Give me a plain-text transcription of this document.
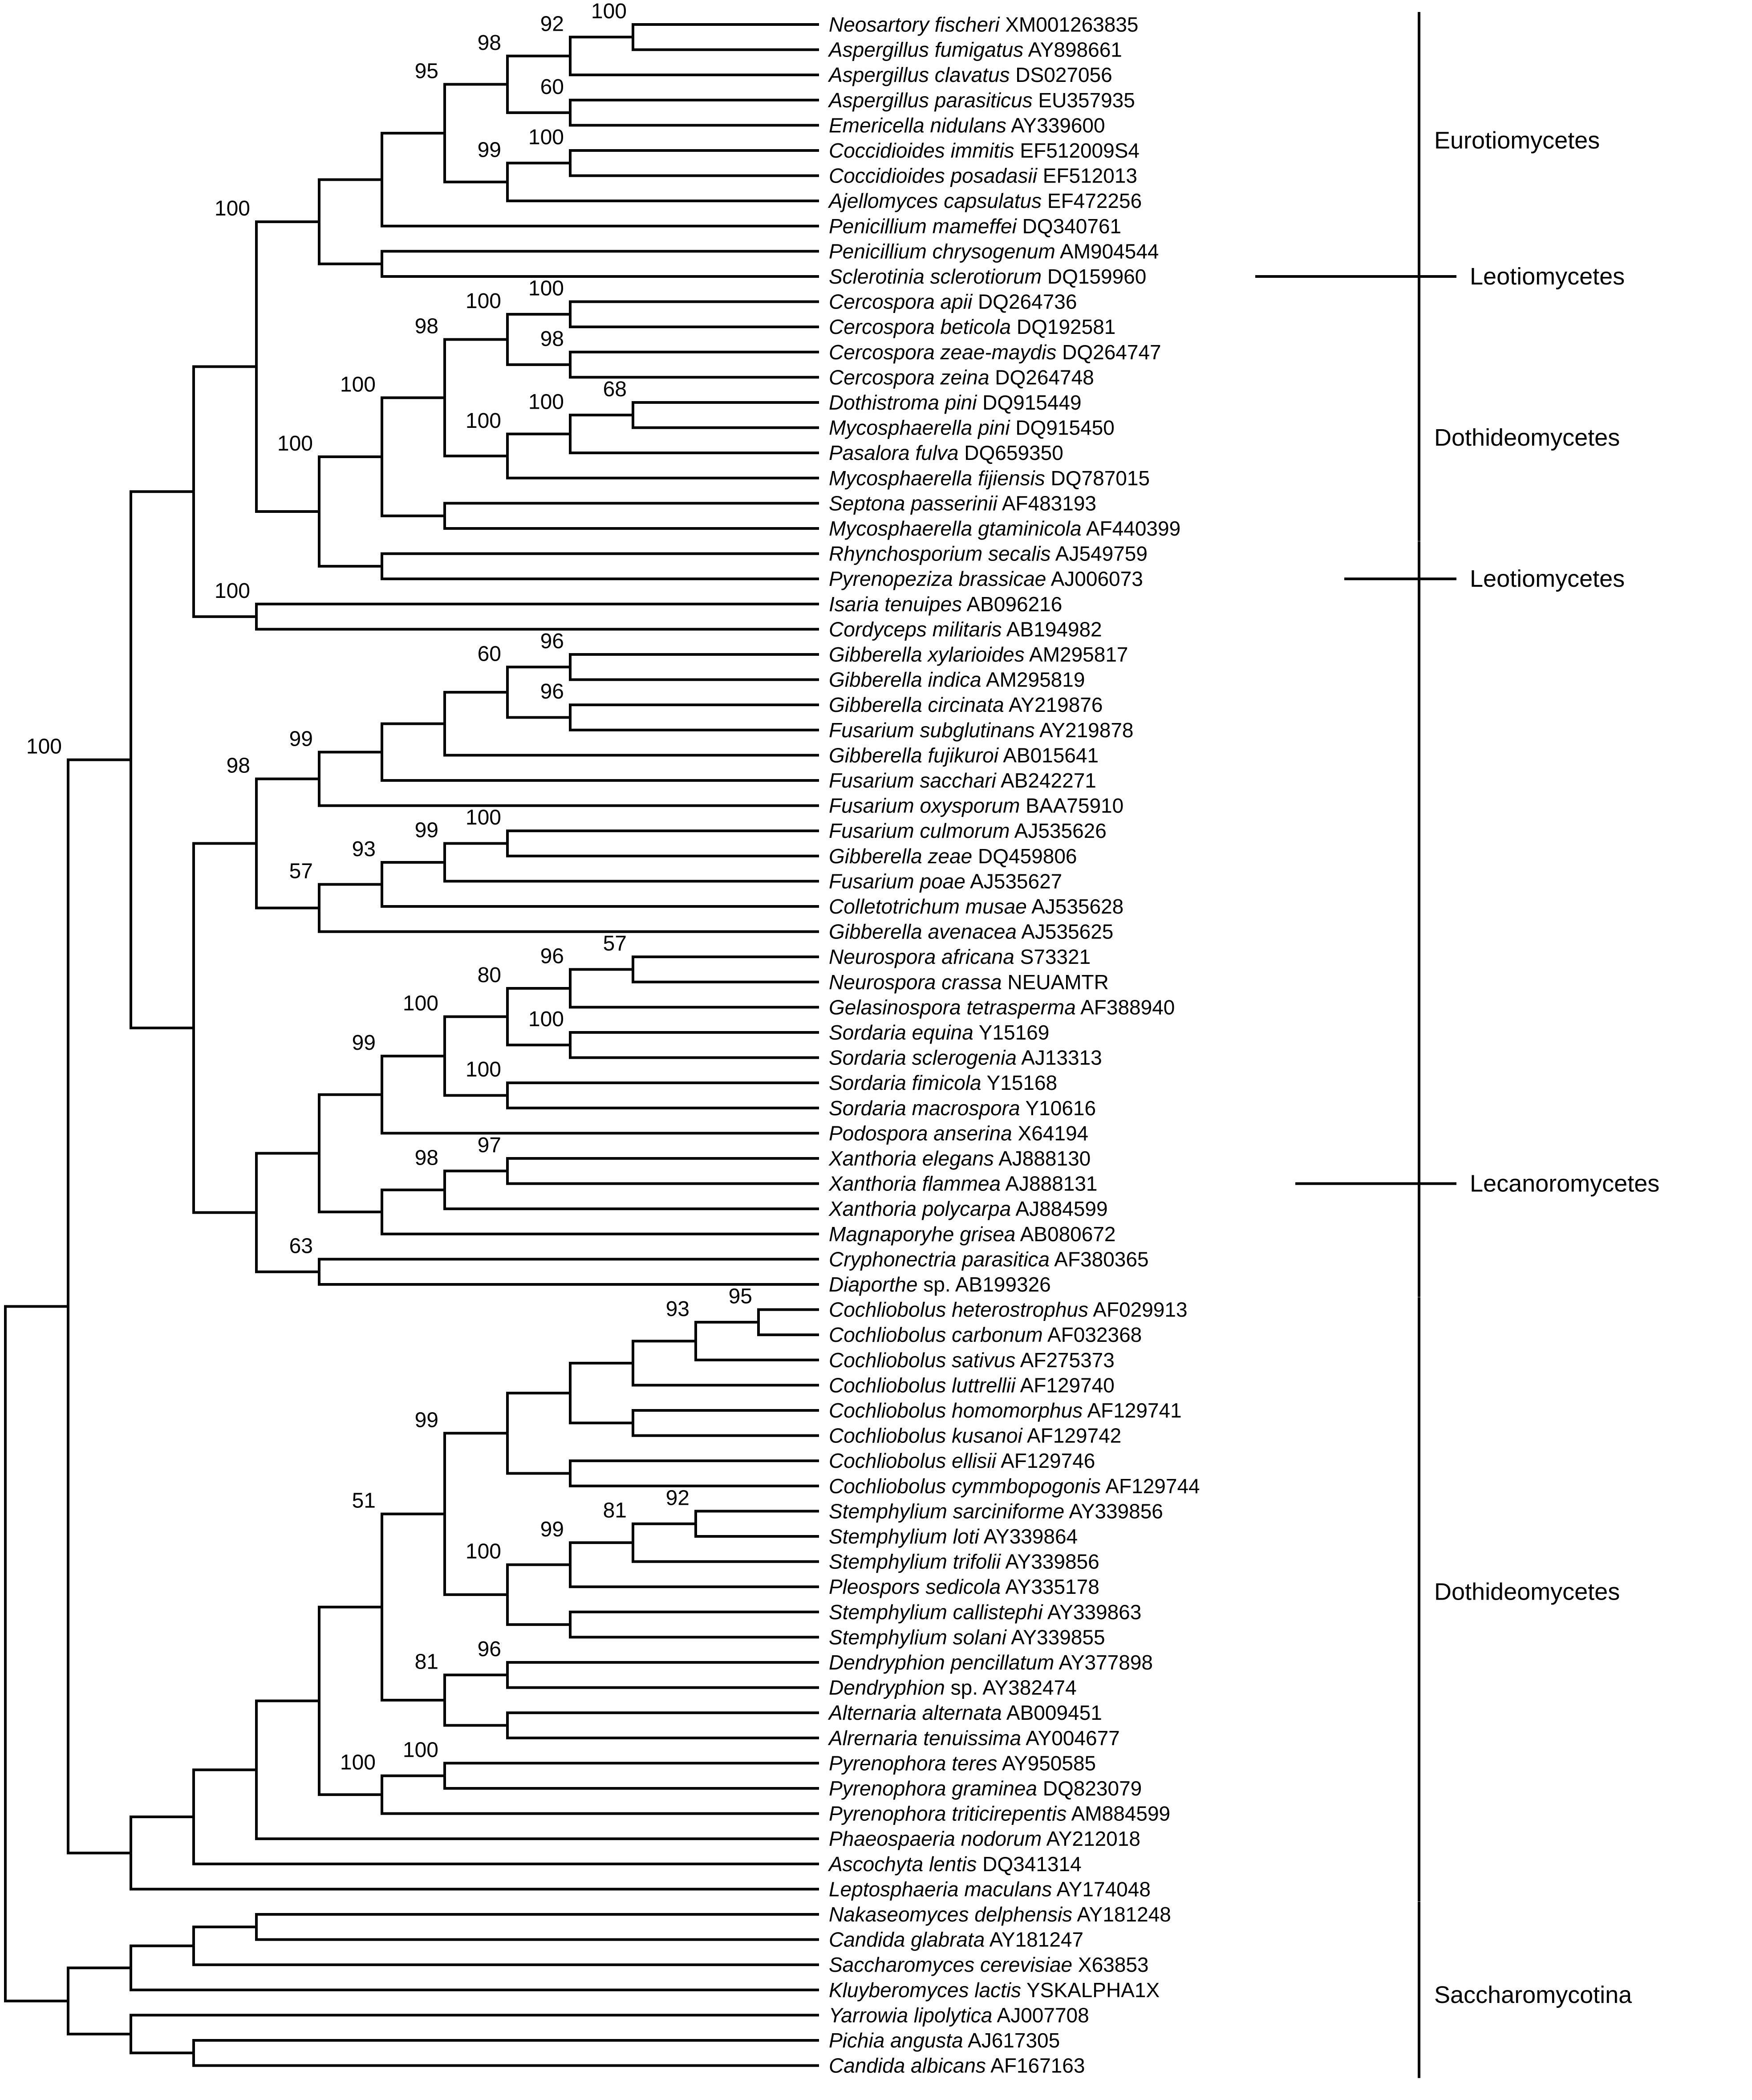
100
100
95
98
92
100
Neosartory fischeri XM001263835
Aspergillus fumigatus AY898661
Aspergillus clavatus DS027056
60
Aspergillus parasiticus EU357935
Emericella nidulans AY339600
99
100
Coccidioides immitis EF512009S4
Coccidioides posadasii EF512013
Ajellomyces capsulatus EF472256
Penicillium mameffei DQ340761
Penicillium chrysogenum AM904544
Sclerotinia sclerotiorum DQ159960
100
100
98
100
100
Cercospora apii DQ264736
Cercospora beticola DQ192581
98
Cercospora zeae-maydis DQ264747
Cercospora zeina DQ264748
100
100
68
Dothistroma pini DQ915449
Mycosphaerella pini DQ915450
Pasalora fulva DQ659350
Mycosphaerella fijiensis DQ787015
Septona passerinii AF483193
Mycosphaerella gtaminicola AF440399
Rhynchosporium secalis AJ549759
Pyrenopeziza brassicae AJ006073
100
Isaria tenuipes AB096216
Cordyceps militaris AB194982
98
99
60
96
Gibberella xylarioides AM295817
Gibberella indica AM295819
96
Gibberella circinata AY219876
Fusarium subglutinans AY219878
Gibberella fujikuroi AB015641
Fusarium sacchari AB242271
Fusarium oxysporum BAA75910
57
93
99
100
Fusarium culmorum AJ535626
Gibberella zeae DQ459806
Fusarium poae AJ535627
Colletotrichum musae AJ535628
Gibberella avenacea AJ535625
99
100
80
96
57
Neurospora africana S73321
Neurospora crassa NEUAMTR
Gelasinospora tetrasperma AF388940
100
Sordaria equina Y15169
Sordaria sclerogenia AJ13313
100
Sordaria fimicola Y15168
Sordaria macrospora Y10616
Podospora anserina X64194
98
97
Xanthoria elegans AJ888130
Xanthoria flammea AJ888131
Xanthoria polycarpa AJ884599
Magnaporyhe grisea AB080672
63
Cryphonectria parasitica AF380365
Diaporthe sp. AB199326
51
99
93
95
Cochliobolus heterostrophus AF029913
Cochliobolus carbonum AF032368
Cochliobolus sativus AF275373
Cochliobolus luttrellii AF129740
Cochliobolus homomorphus AF129741
Cochliobolus kusanoi AF129742
Cochliobolus ellisii AF129746
Cochliobolus cymmbopogonis AF129744
100
99
81
92
Stemphylium sarciniforme AY339856
Stemphylium loti AY339864
Stemphylium trifolii AY339856
Pleospors sedicola AY335178
Stemphylium callistephi AY339863
Stemphylium solani AY339855
81
96
Dendryphion pencillatum AY377898
Dendryphion sp. AY382474
Alternaria alternata AB009451
Alrernaria tenuissima AY004677
100
100
Pyrenophora teres AY950585
Pyrenophora graminea DQ823079
Pyrenophora triticirepentis AM884599
Phaeospaeria nodorum AY212018
Ascochyta lentis DQ341314
Leptosphaeria maculans AY174048
Nakaseomyces delphensis AY181248
Candida glabrata AY181247
Saccharomyces cerevisiae X63853
Kluyberomyces lactis YSKALPHA1X
Yarrowia lipolytica AJ007708
Pichia angusta AJ617305
Candida albicans AF167163
Eurotiomycetes
Leotiomycetes
Dothideomycetes
Leotiomycetes
Lecanoromycetes
Dothideomycetes
Saccharomycotina
